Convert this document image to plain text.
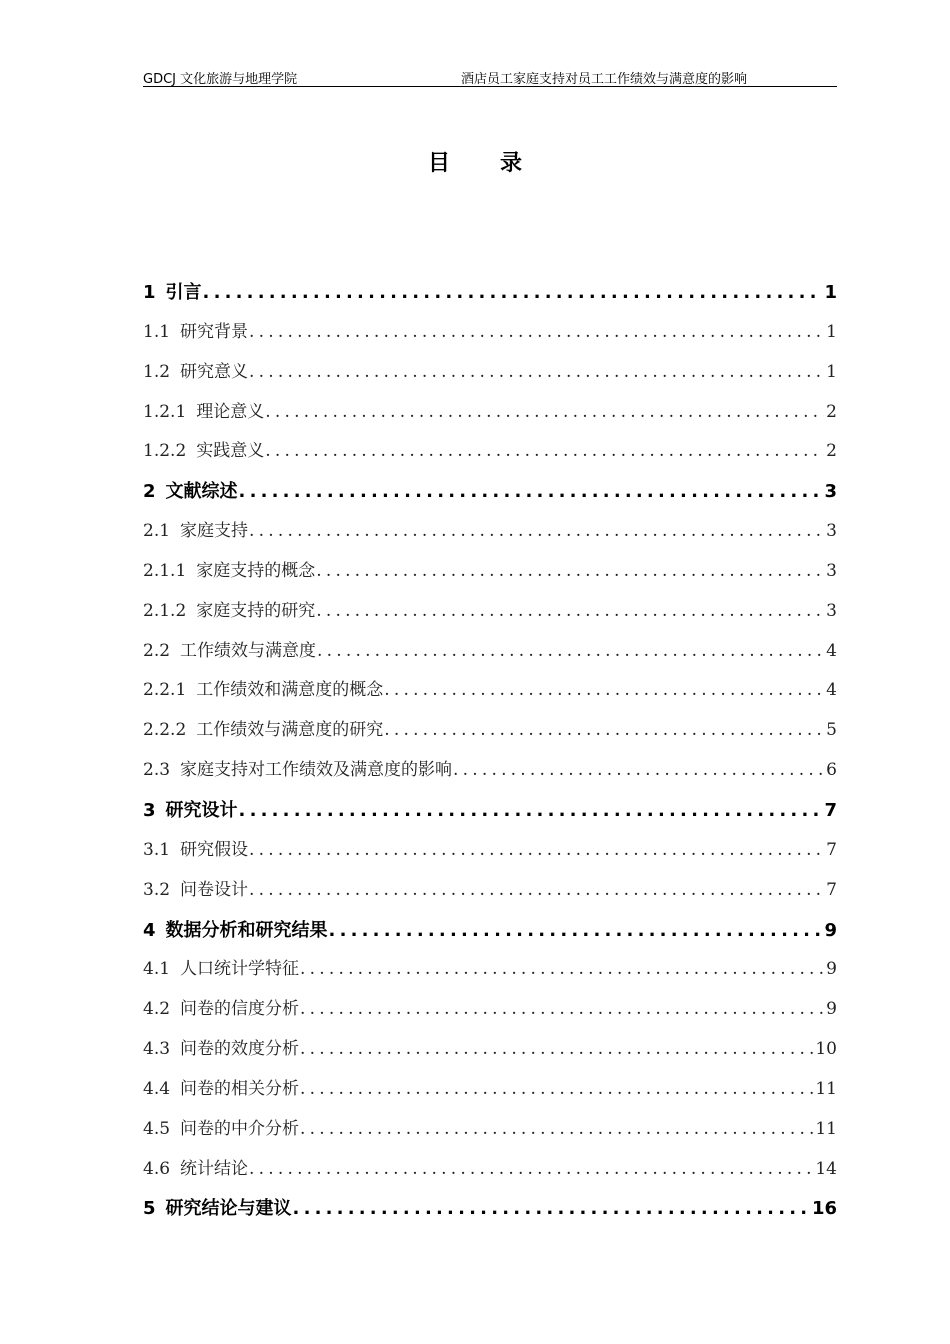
GDCJ 文化旅游与地理学院	酒店员工家庭支持对员工工作绩效与满意度的影响
目录
1 引言 .....	1
1.1 研究背景 .....	1
1.2 研究意义 .....	1
1.2.1 理论意义 .....	2
1.2.2 实践意义 .....	2
2 文献综述 .....	3
2.1 家庭支持 .....	3
2.1.1 家庭支持的概念 .....	3
2.1.2 家庭支持的研究 .....	3
2.2 工作绩效与满意度 .....	4
2.2.1 工作绩效和满意度的概念 .....	4
2.2.2 工作绩效与满意度的研究 .....	5
2.3 家庭支持对工作绩效及满意度的影响 .....	6
3 研究设计 .....	7
3.1 研究假设 .....	7
3.2 问卷设计 .....	7
4 数据分析和研究结果 .....	9
4.1 人口统计学特征 .....	9
4.2 问卷的信度分析 .....	9
4.3 问卷的效度分析 .....	10
4.4 问卷的相关分析 .....	11
4.5 问卷的中介分析 .....	11
4.6 统计结论 .....	14
5 研究结论与建议 .....	16
